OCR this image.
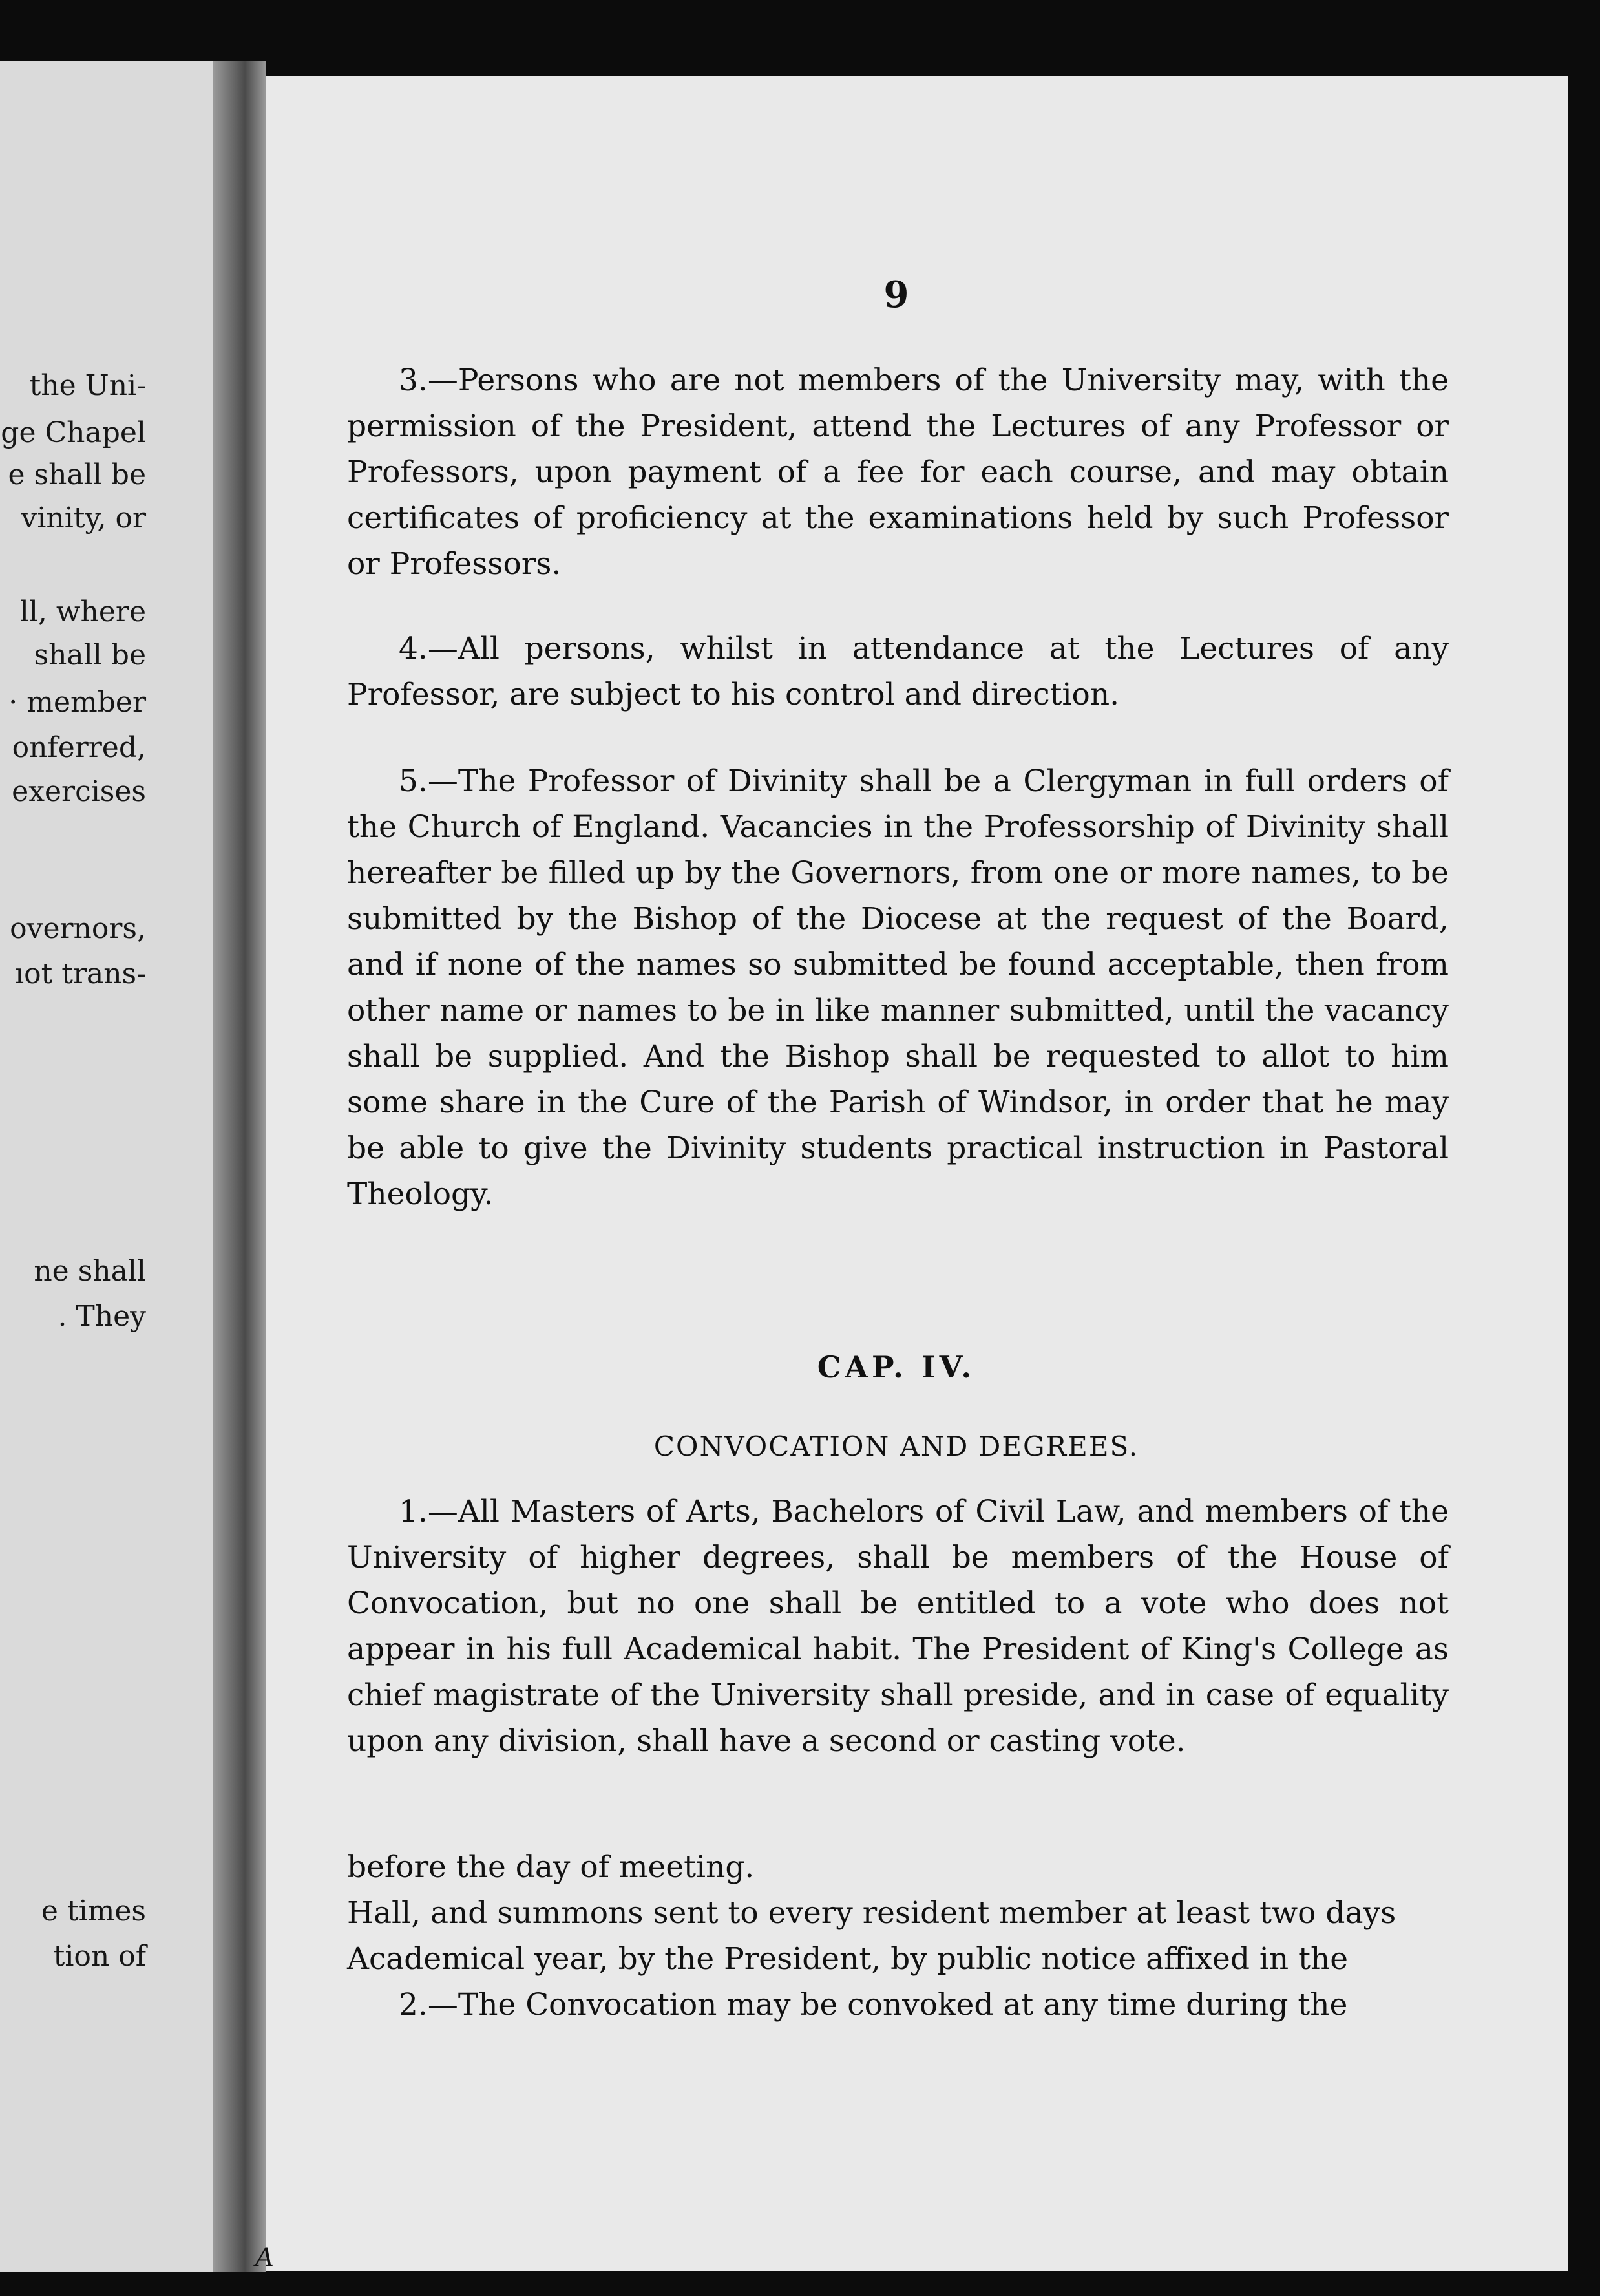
the Uni-

ge Chapel

e shall be

vinity, or

ll, where

shall be

· member

onferred,

exercises

overnors,

ıot trans-

ne shall

. They

e times

tion of

9

3.—Persons who are not members of the University may, with the permission of the President, attend the Lectures of any Professor or Professors, upon payment of a fee for each course, and may obtain certificates of proficiency at the examinations held by such Professor or Professors.

4.—All persons, whilst in attendance at the Lectures of any Professor, are subject to his control and direction.

5.—The Professor of Divinity shall be a Clergyman in full orders of the Church of England. Vacancies in the Professorship of Divinity shall hereafter be filled up by the Governors, from one or more names, to be submitted by the Bishop of the Diocese at the request of the Board, and if none of the names so submitted be found acceptable, then from other name or names to be in like manner submitted, until the vacancy shall be supplied. And the Bishop shall be requested to allot to him some share in the Cure of the Parish of Windsor, in order that he may be able to give the Divinity students practical instruction in Pastoral Theology.

CAP. IV.

CONVOCATION AND DEGREES.

1.—All Masters of Arts, Bachelors of Civil Law, and members of the University of higher degrees, shall be members of the House of Convocation, but no one shall be entitled to a vote who does not appear in his full Academical habit. The President of King's College as chief magistrate of the University shall preside, and in case of equality upon any division, shall have a second or casting vote.

before the day of meeting.

Hall, and summons sent to every resident member at least two days

Academical year, by the President, by public notice affixed in the

2.—The Convocation may be convoked at any time during the

A
